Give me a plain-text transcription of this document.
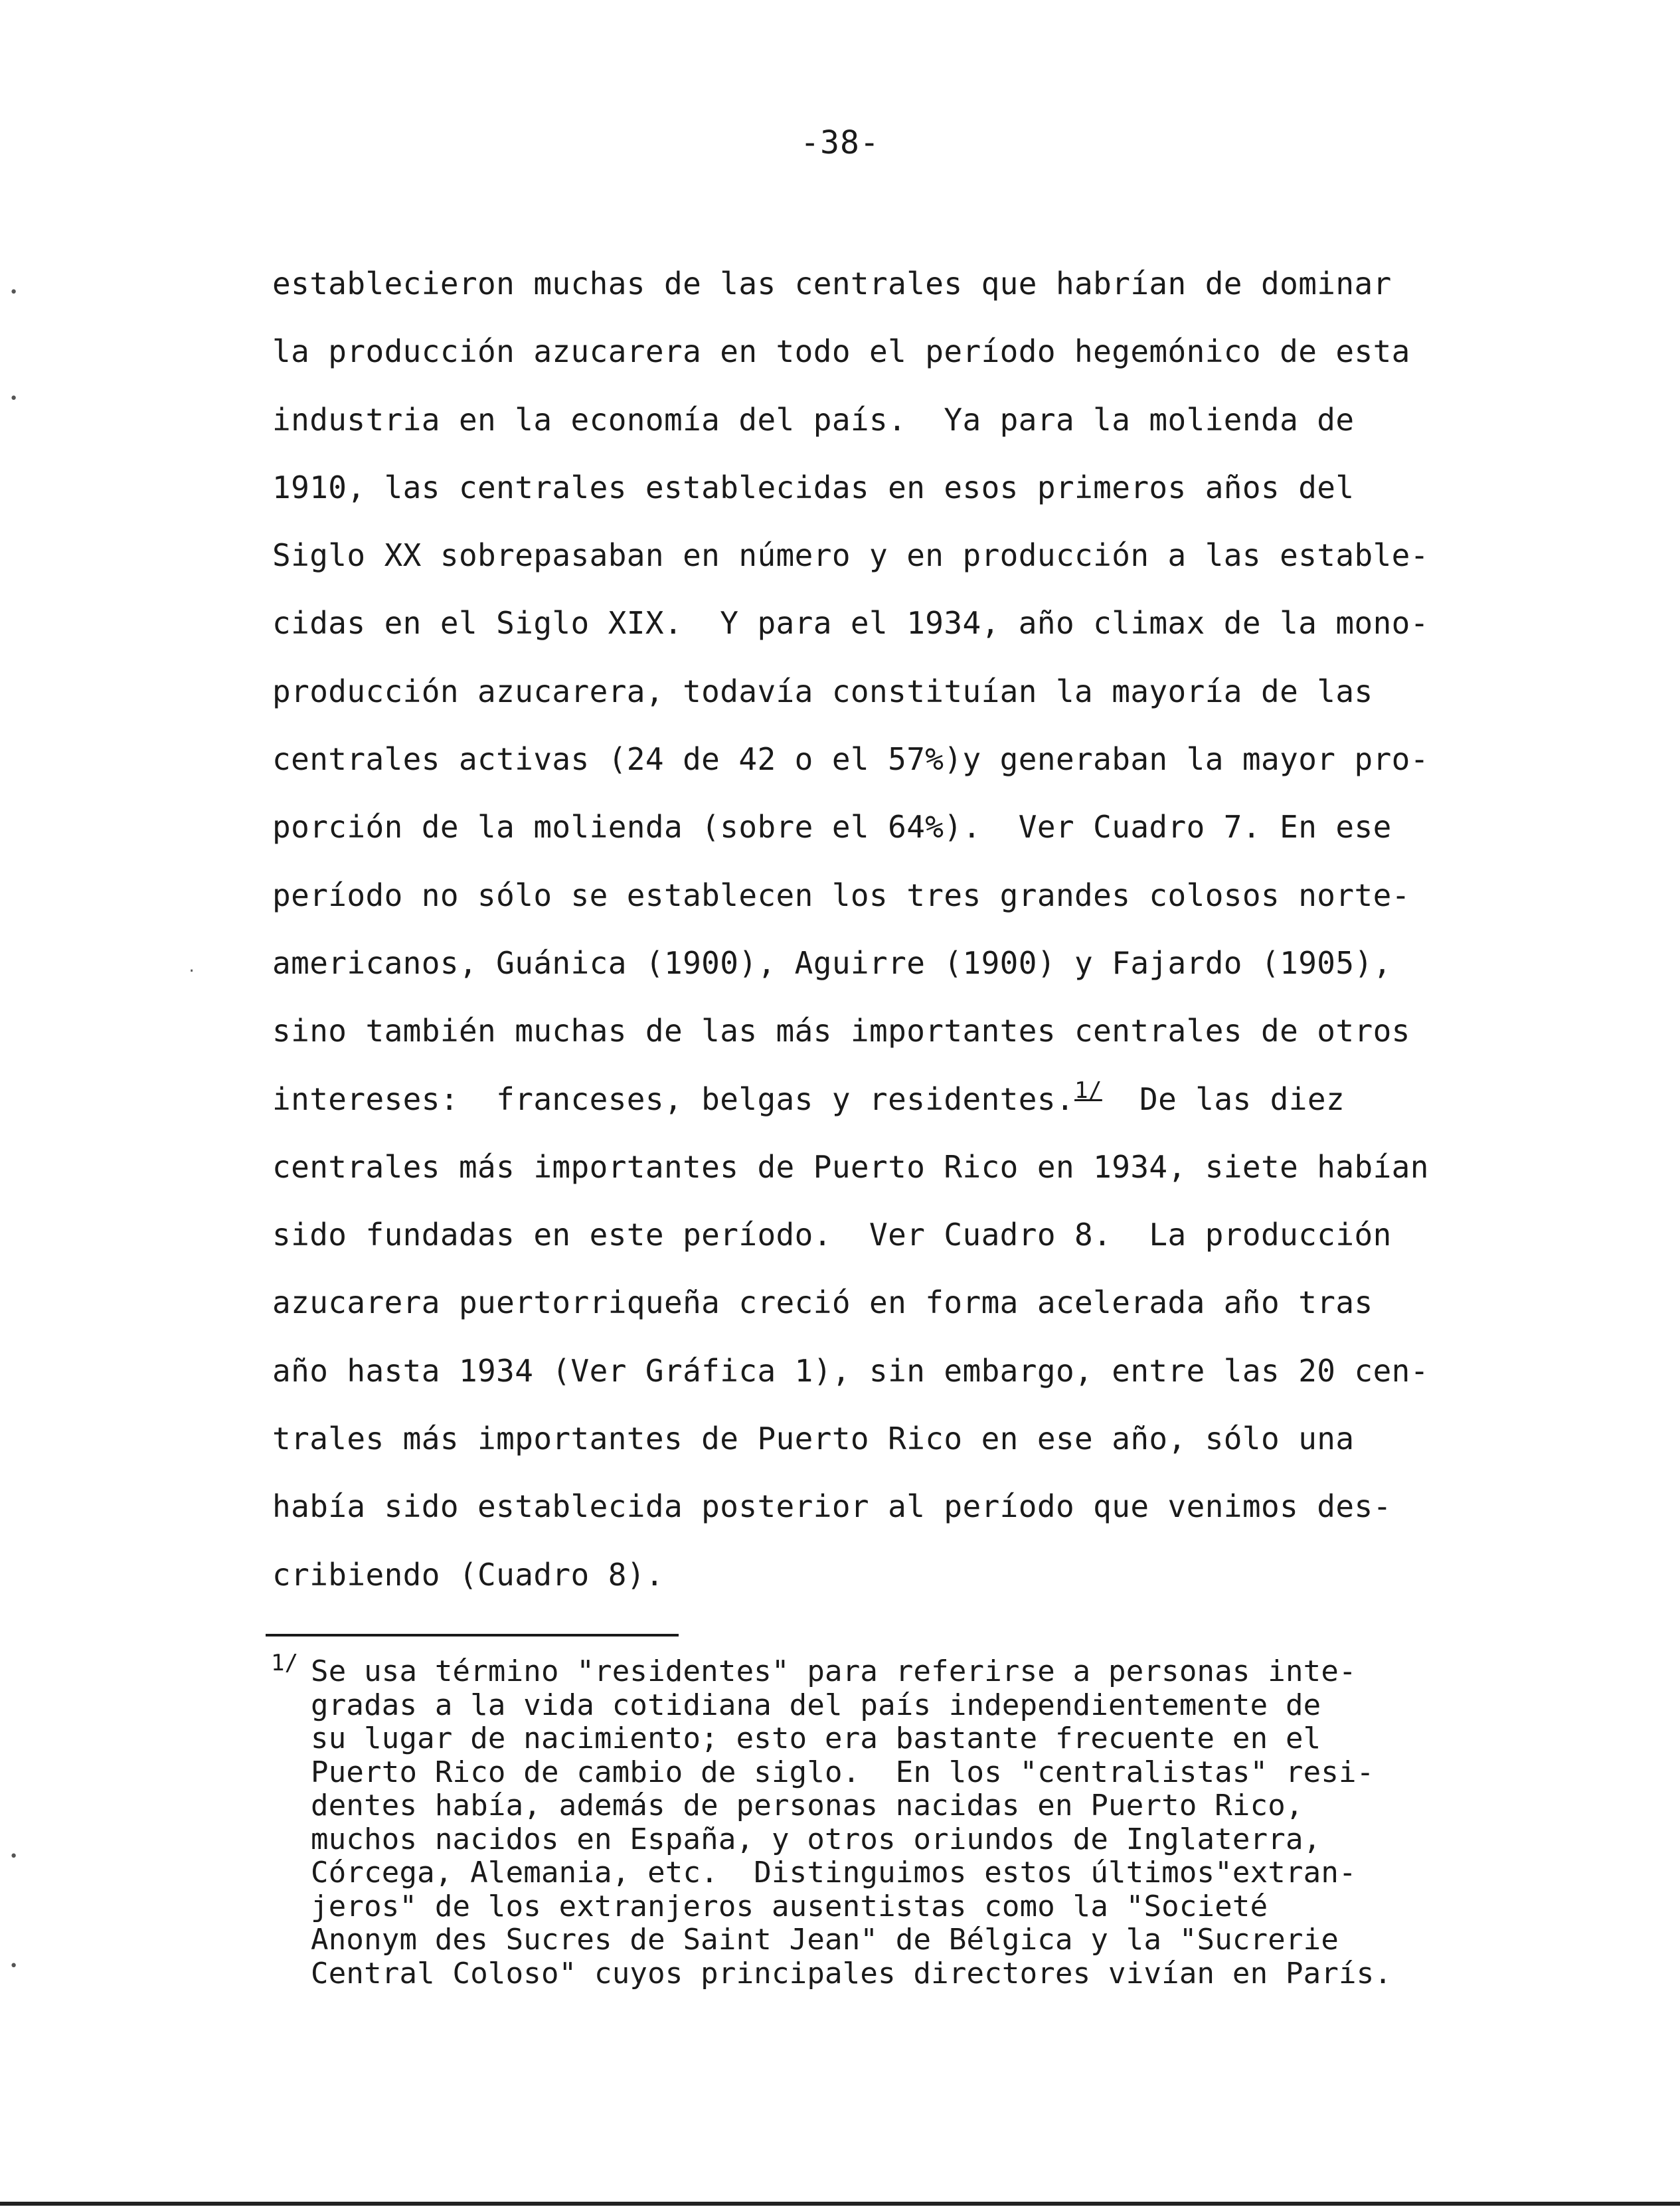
-38-
establecieron muchas de las centrales que habrían de dominar
la producción azucarera en todo el período hegemónico de esta
industria en la economía del país.  Ya para la molienda de
1910, las centrales establecidas en esos primeros años del
Siglo XX sobrepasaban en número y en producción a las estable-
cidas en el Siglo XIX.  Y para el 1934, año climax de la mono-
producción azucarera, todavía constituían la mayoría de las
centrales activas (24 de 42 o el 57%)y generaban la mayor pro-
porción de la molienda (sobre el 64%).  Ver Cuadro 7. En ese
período no sólo se establecen los tres grandes colosos norte-
americanos, Guánica (1900), Aguirre (1900) y Fajardo (1905),
sino también muchas de las más importantes centrales de otros
intereses:  franceses, belgas y residentes.$^{1/}$  De las diez
centrales más importantes de Puerto Rico en 1934, siete habían
sido fundadas en este período.  Ver Cuadro 8.  La producción
azucarera puertorriqueña creció en forma acelerada año tras
año hasta 1934 (Ver Gráfica 1), sin embargo, entre las 20 cen-
trales más importantes de Puerto Rico en ese año, sólo una
había sido establecida posterior al período que venimos des-
cribiendo (Cuadro 8).
1/ Se usa término "residentes" para referirse a personas inte-
gradas a la vida cotidiana del país independientemente de
su lugar de nacimiento; esto era bastante frecuente en el
Puerto Rico de cambio de siglo.  En los "centralistas" resi-
dentes había, además de personas nacidas en Puerto Rico,
muchos nacidos en España, y otros oriundos de Inglaterra,
Córcega, Alemania, etc.  Distinguimos estos últimos"extran-
jeros" de los extranjeros ausentistas como la "Societé
Anonym des Sucres de Saint Jean" de Bélgica y la "Sucrerie
Central Coloso" cuyos principales directores vivían en París.
•
•
·
•
•
